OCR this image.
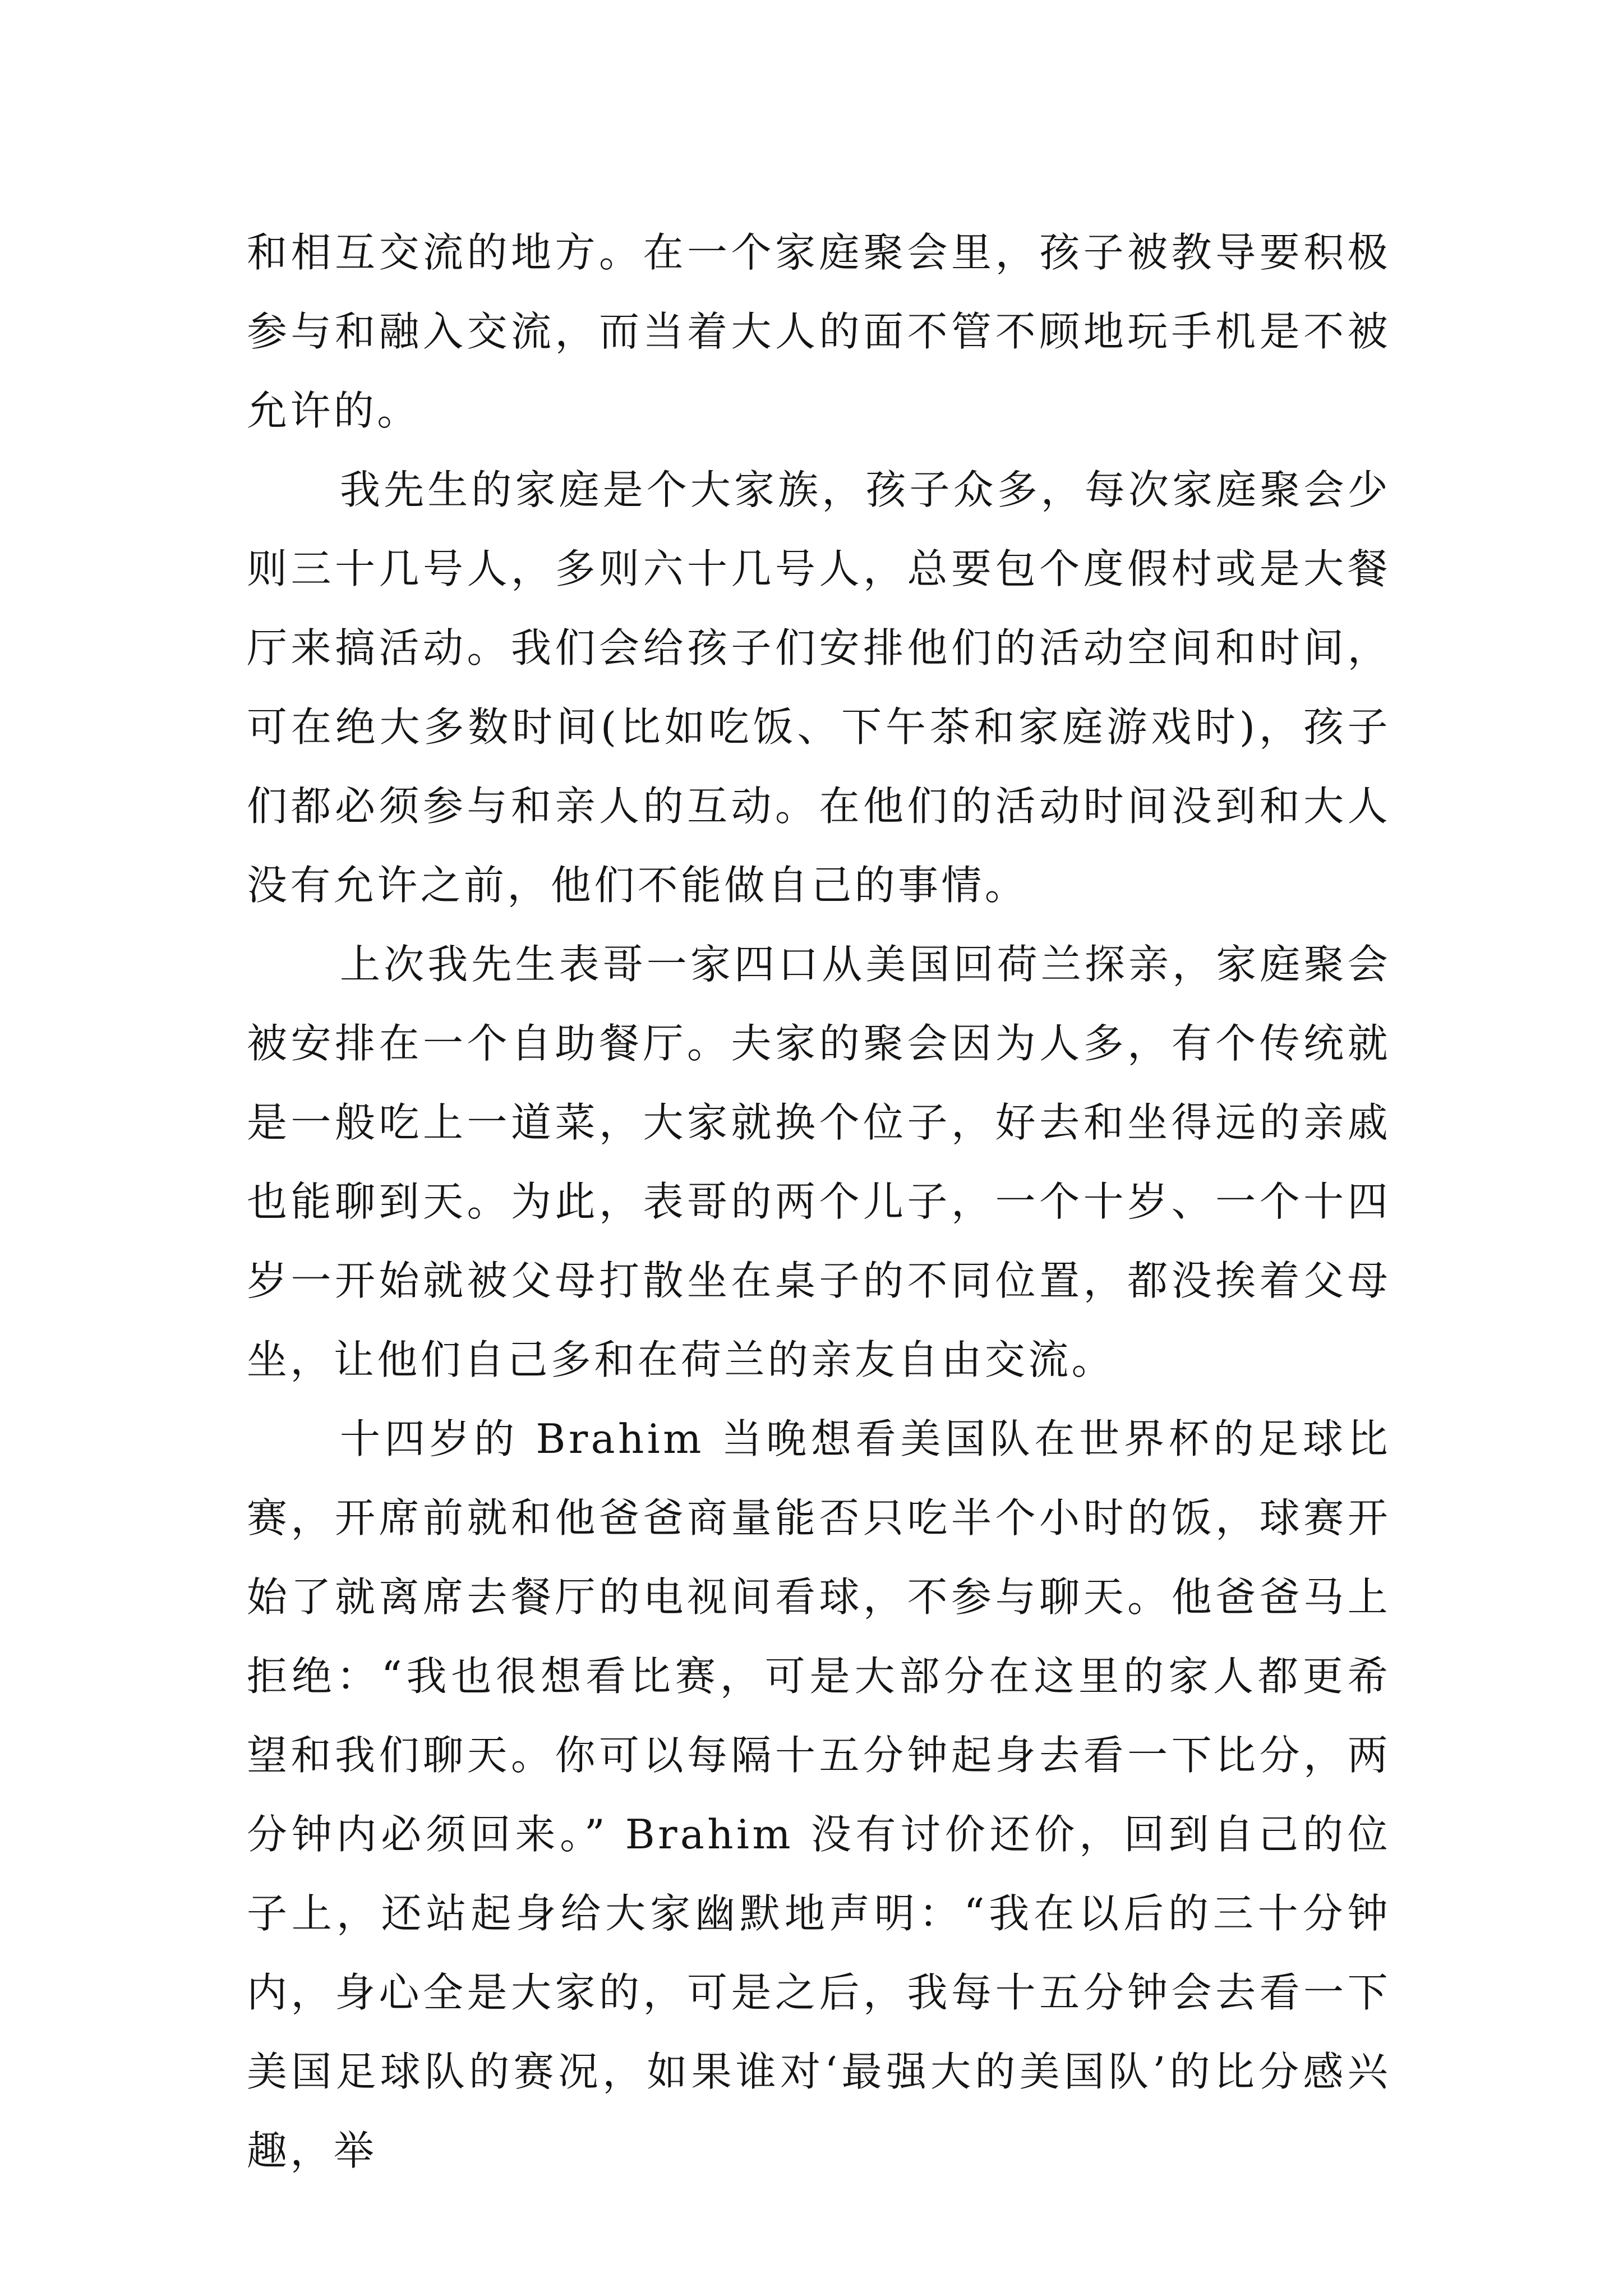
和相互交流的地方。在一个家庭聚会里，孩子被教导要积极参与和融入交流，而当着大人的面不管不顾地玩手机是不被允许的。

我先生的家庭是个大家族，孩子众多，每次家庭聚会少则三十几号人，多则六十几号人，总要包个度假村或是大餐厅来搞活动。我们会给孩子们安排他们的活动空间和时间，可在绝大多数时间(比如吃饭、下午茶和家庭游戏时)，孩子们都必须参与和亲人的互动。在他们的活动时间没到和大人没有允许之前，他们不能做自己的事情。

上次我先生表哥一家四口从美国回荷兰探亲，家庭聚会被安排在一个自助餐厅。夫家的聚会因为人多，有个传统就是一般吃上一道菜，大家就换个位子，好去和坐得远的亲戚也能聊到天。为此，表哥的两个儿子，一个十岁、一个十四岁一开始就被父母打散坐在桌子的不同位置，都没挨着父母坐，让他们自己多和在荷兰的亲友自由交流。

十四岁的 Brahim 当晚想看美国队在世界杯的足球比赛，开席前就和他爸爸商量能否只吃半个小时的饭，球赛开始了就离席去餐厅的电视间看球，不参与聊天。他爸爸马上拒绝：“我也很想看比赛，可是大部分在这里的家人都更希望和我们聊天。你可以每隔十五分钟起身去看一下比分，两分钟内必须回来。” Brahim 没有讨价还价，回到自己的位子上，还站起身给大家幽默地声明：“我在以后的三十分钟内，身心全是大家的，可是之后，我每十五分钟会去看一下美国足球队的赛况，如果谁对‘最强大的美国队’的比分感兴趣，举
